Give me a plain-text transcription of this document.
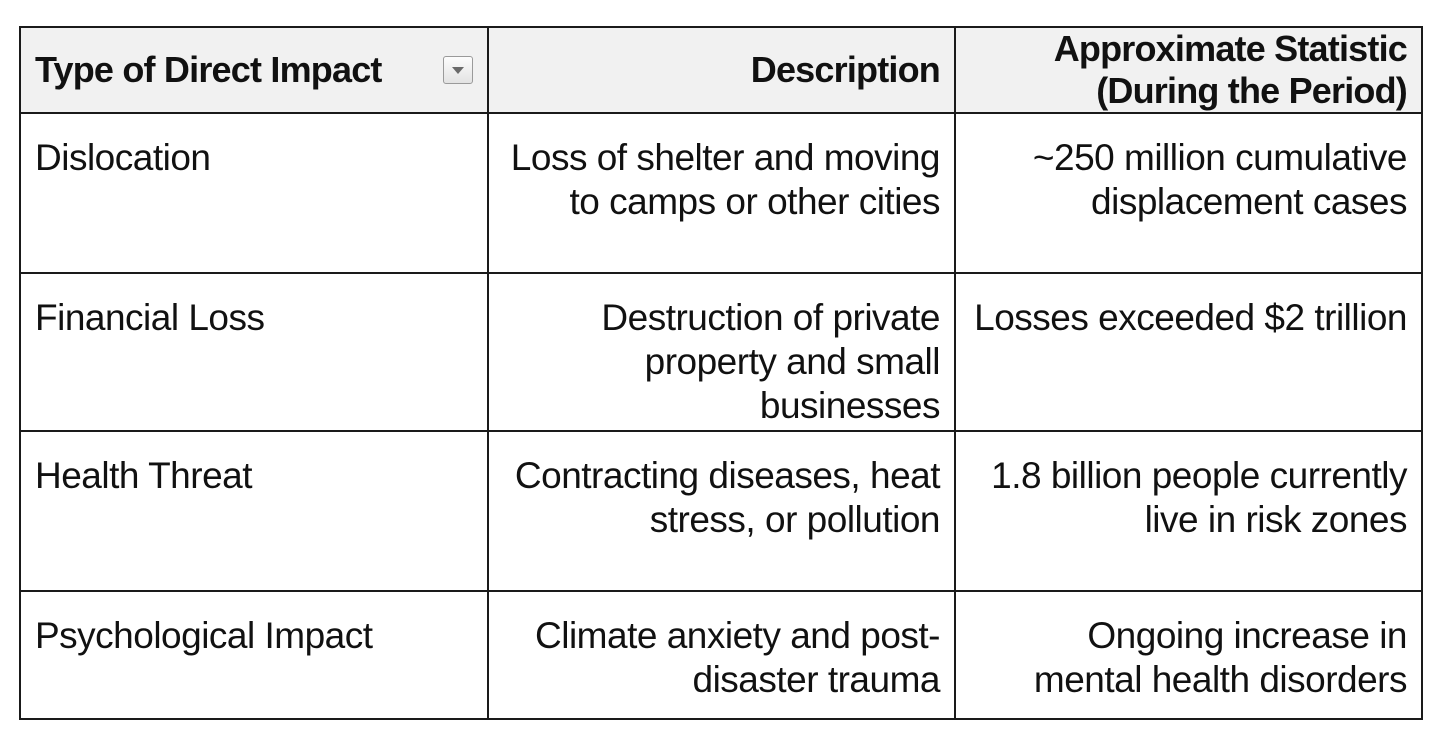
Type of Direct Impact	Description	Approximate Statistic (During the Period)
Dislocation	Loss of shelter and moving to camps or other cities	~250 million cumulative displacement cases
Financial Loss	Destruction of private property and small businesses	Losses exceeded $2 trillion
Health Threat	Contracting diseases, heat stress, or pollution	1.8 billion people currently live in risk zones
Psychological Impact	Climate anxiety and post-disaster trauma	Ongoing increase in mental health disorders
